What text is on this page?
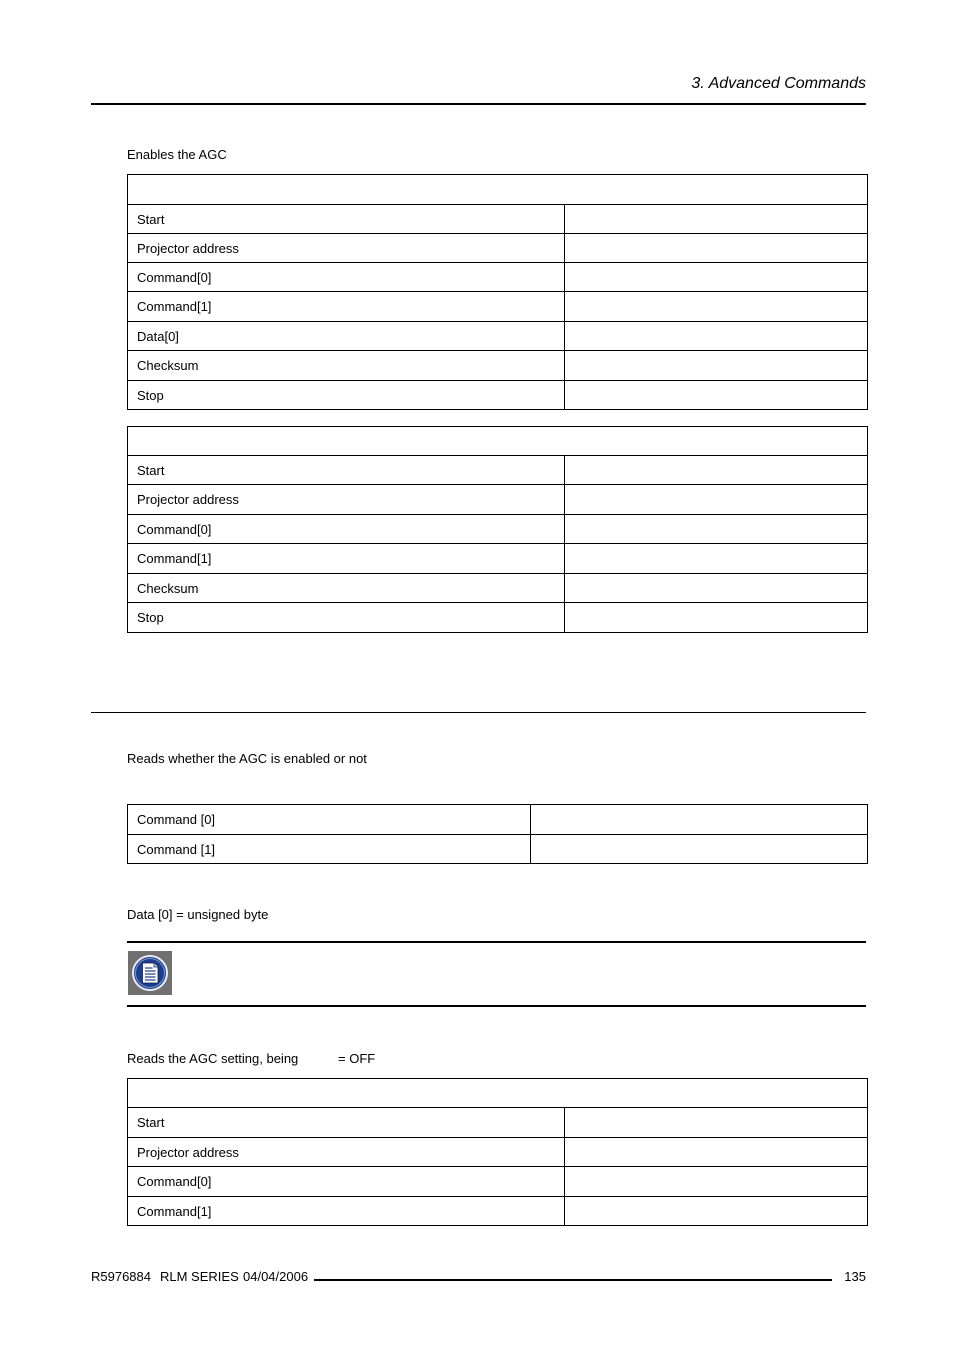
3. Advanced Commands
Enables the AGC

Start	
Projector address	
Command[0]	
Command[1]	
Data[0]	
Checksum	
Stop	

Start	
Projector address	
Command[0]	
Command[1]	
Checksum	
Stop	
Reads whether the AGC is enabled or not
Command [0]	
Command [1]	
Data [0] = unsigned byte
Reads the AGC setting, being	= OFF

Start	
Projector address	
Command[0]	
Command[1]	
R5976884 RLM SERIES 04/04/2006	135
